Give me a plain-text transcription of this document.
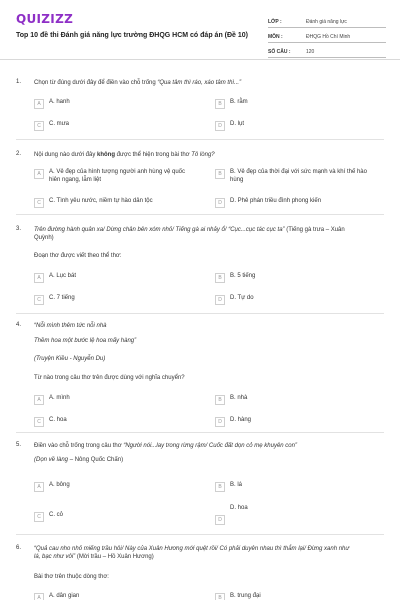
QUIZIZZ
Top 10 đề thi Đánh giá năng lực trường ĐHQG HCM có đáp án (Đề 10)
LỚP :	Đánh giá năng lực
MÔN :	ĐHQG Hồ Chí Minh
SỐ CÂU :	120
1. Chọn từ đúng dưới đây để điền vào chỗ trống “Qua tâm thì ráo, xáo tâm thì...”
A	A. hanh	B	B. rằm
C	C. mưa	D	D. lụt
2. Nội dung nào dưới đây không được thể hiện trong bài thơ Tô lòng?
A	A. Vẻ đẹp của hình tượng người anh hùng vệ quốc hiên ngang, lẫm liệt
B	B. Vẻ đẹp của thời đại với sức mạnh và khí thế hào hùng
C	C. Tình yêu nước, niềm tự hào dân tộc	D	D. Phê phán triều đình phong kiến
3. Trên đường hành quân xa/ Dừng chân bên xóm nhỏ/ Tiếng gà ai nhảy ổ/ “Cục...cục tác cục ta” (Tiếng gà trưa – Xuân Quỳnh)
Đoạn thơ được viết theo thể thơ:
A	A. Lục bát	B	B. 5 tiếng
C	C. 7 tiếng	D	D. Tự do
4. “Nỗi mình thêm tức nỗi nhà
Thềm hoa một bước lệ hoa mấy hàng”
(Truyện Kiều - Nguyễn Du)
Từ nào trong câu thơ trên được dùng với nghĩa chuyển?
A	A. mình	B	B. nhà
C	C. hoa	D	D. hàng
5. Điền vào chỗ trống trong câu thơ “Người nói...lay trong rừng rậm/ Cuốc đất dọn cỏ mẹ khuyên con”
(Dọn về làng – Nông Quốc Chấn)
A	A. bông	B	B. lá
C	C. cỏ
D
D. hoa
6. “Quả cau nho nhỏ miếng trầu hôi/ Này của Xuân Hương mới quệt rồi/ Có phải duyên nhau thì thắm lại/ Đừng xanh như lá, bạc như vôi” (Mời trầu – Hồ Xuân Hương)
Bài thơ trên thuộc dòng thơ:
A	A. dân gian	B	B. trung đại
